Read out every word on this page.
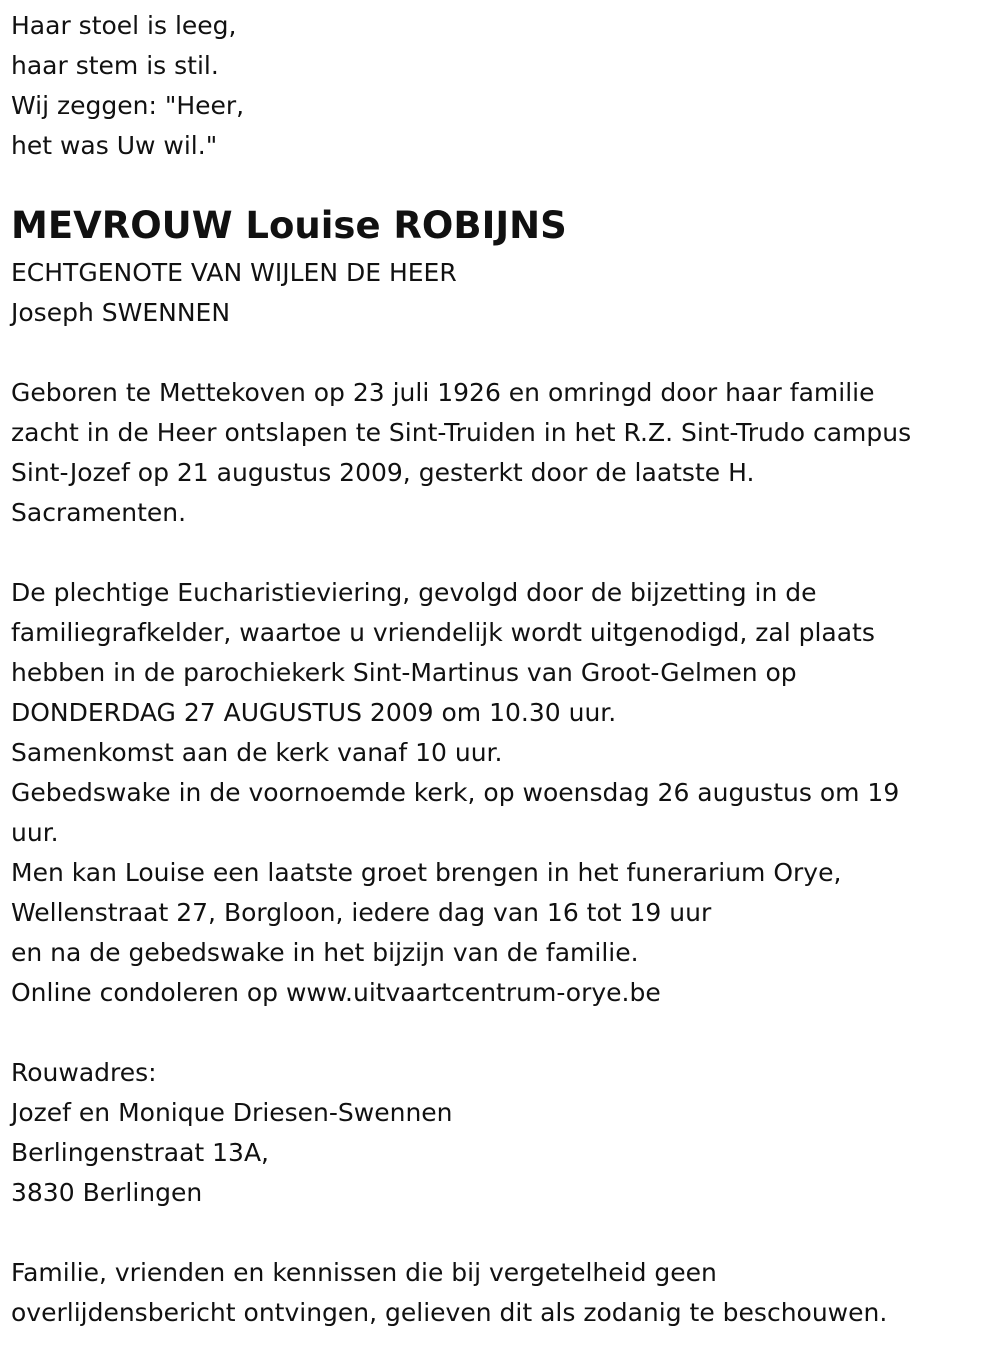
Haar stoel is leeg,

haar stem is stil.

Wij zeggen: "Heer,

het was Uw wil."

MEVROUW Louise ROBIJNS

ECHTGENOTE VAN WIJLEN DE HEER

Joseph SWENNEN

Geboren te Mettekoven op 23 juli 1926 en omringd door haar familie

zacht in de Heer ontslapen te Sint-Truiden in het R.Z. Sint-Trudo campus

Sint-Jozef op 21 augustus 2009, gesterkt door de laatste H.

Sacramenten.

De plechtige Eucharistieviering, gevolgd door de bijzetting in de

familiegrafkelder, waartoe u vriendelijk wordt uitgenodigd, zal plaats

hebben in de parochiekerk Sint-Martinus van Groot-Gelmen op

DONDERDAG 27 AUGUSTUS 2009 om 10.30 uur.

Samenkomst aan de kerk vanaf 10 uur.

Gebedswake in de voornoemde kerk, op woensdag 26 augustus om 19

uur.

Men kan Louise een laatste groet brengen in het funerarium Orye,

Wellenstraat 27, Borgloon, iedere dag van 16 tot 19 uur

en na de gebedswake in het bijzijn van de familie.

Online condoleren op www.uitvaartcentrum-orye.be

Rouwadres:

Jozef en Monique Driesen-Swennen

Berlingenstraat 13A,

3830 Berlingen

Familie, vrienden en kennissen die bij vergetelheid geen

overlijdensbericht ontvingen, gelieven dit als zodanig te beschouwen.
